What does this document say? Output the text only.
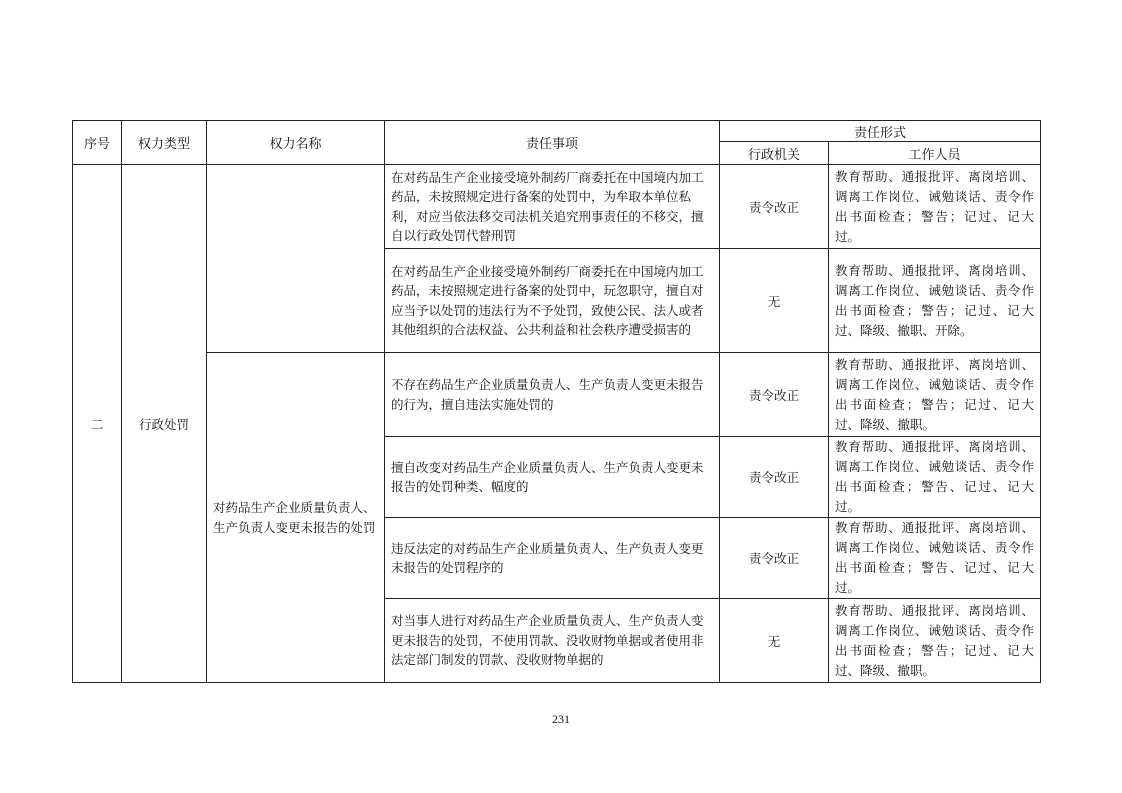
序号	权力类型	权力名称	责任事项	责任形式	
				行政机关	工作人员
二	行政处罚		在对药品生产企业接受境外制药厂商委托在中国境内加工药品，未按照规定进行备案的处罚中，为牟取本单位私利，对应当依法移交司法机关追究刑事责任的不移交，擅自以行政处罚代替刑罚	责令改正	教育帮助、通报批评、离岗培训、调离工作岗位、诫勉谈话、责令作出书面检查；警告；记过、记大过。
			在对药品生产企业接受境外制药厂商委托在中国境内加工药品，未按照规定进行备案的处罚中，玩忽职守，擅自对应当予以处罚的违法行为不予处罚，致使公民、法人或者其他组织的合法权益、公共利益和社会秩序遭受损害的	无	教育帮助、通报批评、离岗培训、调离工作岗位、诫勉谈话、责令作出书面检查；警告；记过、记大过、降级、撤职、开除。
		对药品生产企业质量负责人、生产负责人变更未报告的处罚	不存在药品生产企业质量负责人、生产负责人变更未报告的行为，擅自违法实施处罚的	责令改正	教育帮助、通报批评、离岗培训、调离工作岗位、诫勉谈话、责令作出书面检查；警告；记过、记大过、降级、撤职。
			擅自改变对药品生产企业质量负责人、生产负责人变更未报告的处罚种类、幅度的	责令改正	教育帮助、通报批评、离岗培训、调离工作岗位、诫勉谈话、责令作出书面检查；警告、记过、记大过。
			违反法定的对药品生产企业质量负责人、生产负责人变更未报告的处罚程序的	责令改正	教育帮助、通报批评、离岗培训、调离工作岗位、诫勉谈话、责令作出书面检查；警告、记过、记大过。
			对当事人进行对药品生产企业质量负责人、生产负责人变更未报告的处罚，不使用罚款、没收财物单据或者使用非法定部门制发的罚款、没收财物单据的	无	教育帮助、通报批评、离岗培训、调离工作岗位、诫勉谈话、责令作出书面检查；警告；记过、记大过、降级、撤职。
231
